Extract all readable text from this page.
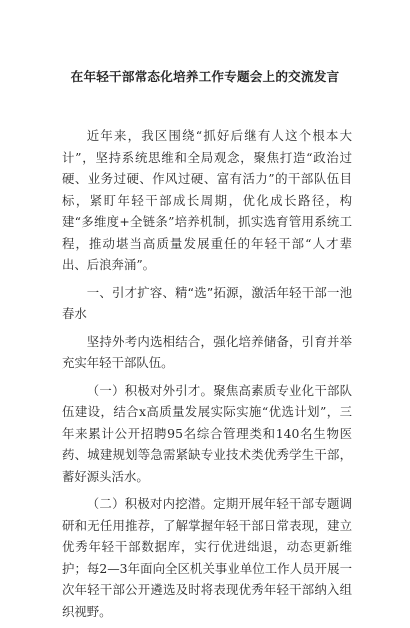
在年轻干部常态化培养工作专题会上的交流发言

近年来，我区围绕“抓好后继有人这个根本大计”，坚持系统思维和全局观念，聚焦打造“政治过硬、业务过硬、作风过硬、富有活力”的干部队伍目标，紧盯年轻干部成长周期，优化成长路径，构建“多维度+全链条”培养机制，抓实选育管用系统工程，推动堪当高质量发展重任的年轻干部“人才辈出、后浪奔涌”。

一、引才扩容、精“选”拓源，激活年轻干部一池春水

坚持外考内选相结合，强化培养储备，引育并举充实年轻干部队伍。

（一）积极对外引才。聚焦高素质专业化干部队伍建设，结合x高质量发展实际实施“优选计划”，三年来累计公开招聘95名综合管理类和140名生物医药、城建规划等急需紧缺专业技术类优秀学生干部，蓄好源头活水。

（二）积极对内挖潜。定期开展年轻干部专题调研和无任用推荐，了解掌握年轻干部日常表现，建立优秀年轻干部数据库，实行优进绌退，动态更新维护；每2—3年面向全区机关事业单位工作人员开展一次年轻干部公开遴选及时将表现优秀年轻干部纳入组织视野。
